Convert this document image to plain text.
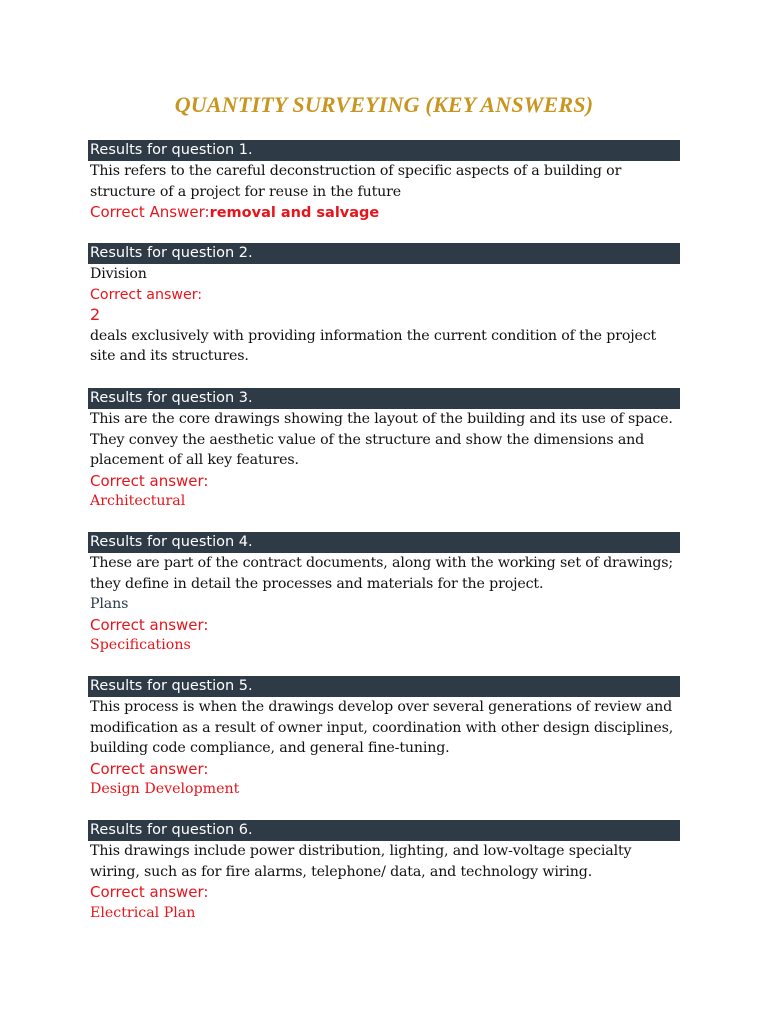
QUANTITY SURVEYING (KEY ANSWERS)
Results for question 1.
This refers to the careful deconstruction of specific aspects of a building or structure of a project for reuse in the future
Correct Answer:removal and salvage
Results for question 2.
Division
Correct answer:
2
deals exclusively with providing information the current condition of the project site and its structures.
Results for question 3.
This are the core drawings showing the layout of the building and its use of space. They convey the aesthetic value of the structure and show the dimensions and placement of all key features.
Correct answer:
Architectural
Results for question 4.
These are part of the contract documents, along with the working set of drawings; they define in detail the processes and materials for the project.
Plans
Correct answer:
Specifications
Results for question 5.
This process is when the drawings develop over several generations of review and modification as a result of owner input, coordination with other design disciplines, building code compliance, and general fine-tuning.
Correct answer:
Design Development
Results for question 6.
This drawings include power distribution, lighting, and low-voltage specialty wiring, such as for fire alarms, telephone/ data, and technology wiring.
Correct answer:
Electrical Plan
